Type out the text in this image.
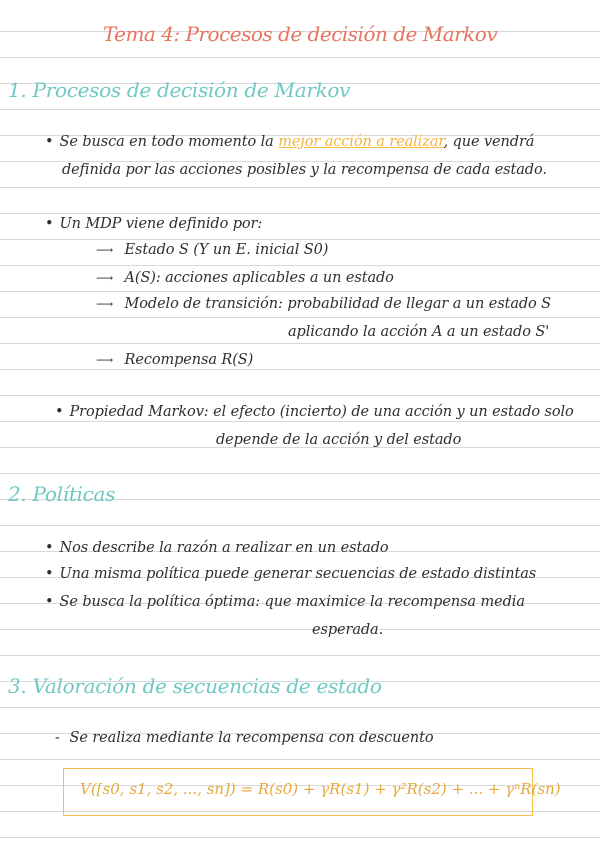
Tema 4: Procesos de decisión de Markov
1. Procesos de decisión de Markov
• Se busca en todo momento la mejor acción a realizar, que vendrá
definida por las acciones posibles y la recompensa de cada estado.
• Un MDP viene definido por:
⟶ Estado S (Y un E. inicial S0)
⟶ A(S): acciones aplicables a un estado
⟶ Modelo de transición: probabilidad de llegar a un estado S
aplicando la acción A a un estado S'
⟶ Recompensa R(S)
• Propiedad Markov: el efecto (incierto) de una acción y un estado solo
depende de la acción y del estado
2. Políticas
• Nos describe la razón a realizar en un estado
• Una misma política puede generar secuencias de estado distintas
• Se busca la política óptima: que maximice la recompensa media
esperada.
3. Valoración de secuencias de estado
- Se realiza mediante la recompensa con descuento
V([s0, s1, s2, ..., sn]) = R(s0) + γR(s1) + γ²R(s2) + ... + γⁿR(sn)
